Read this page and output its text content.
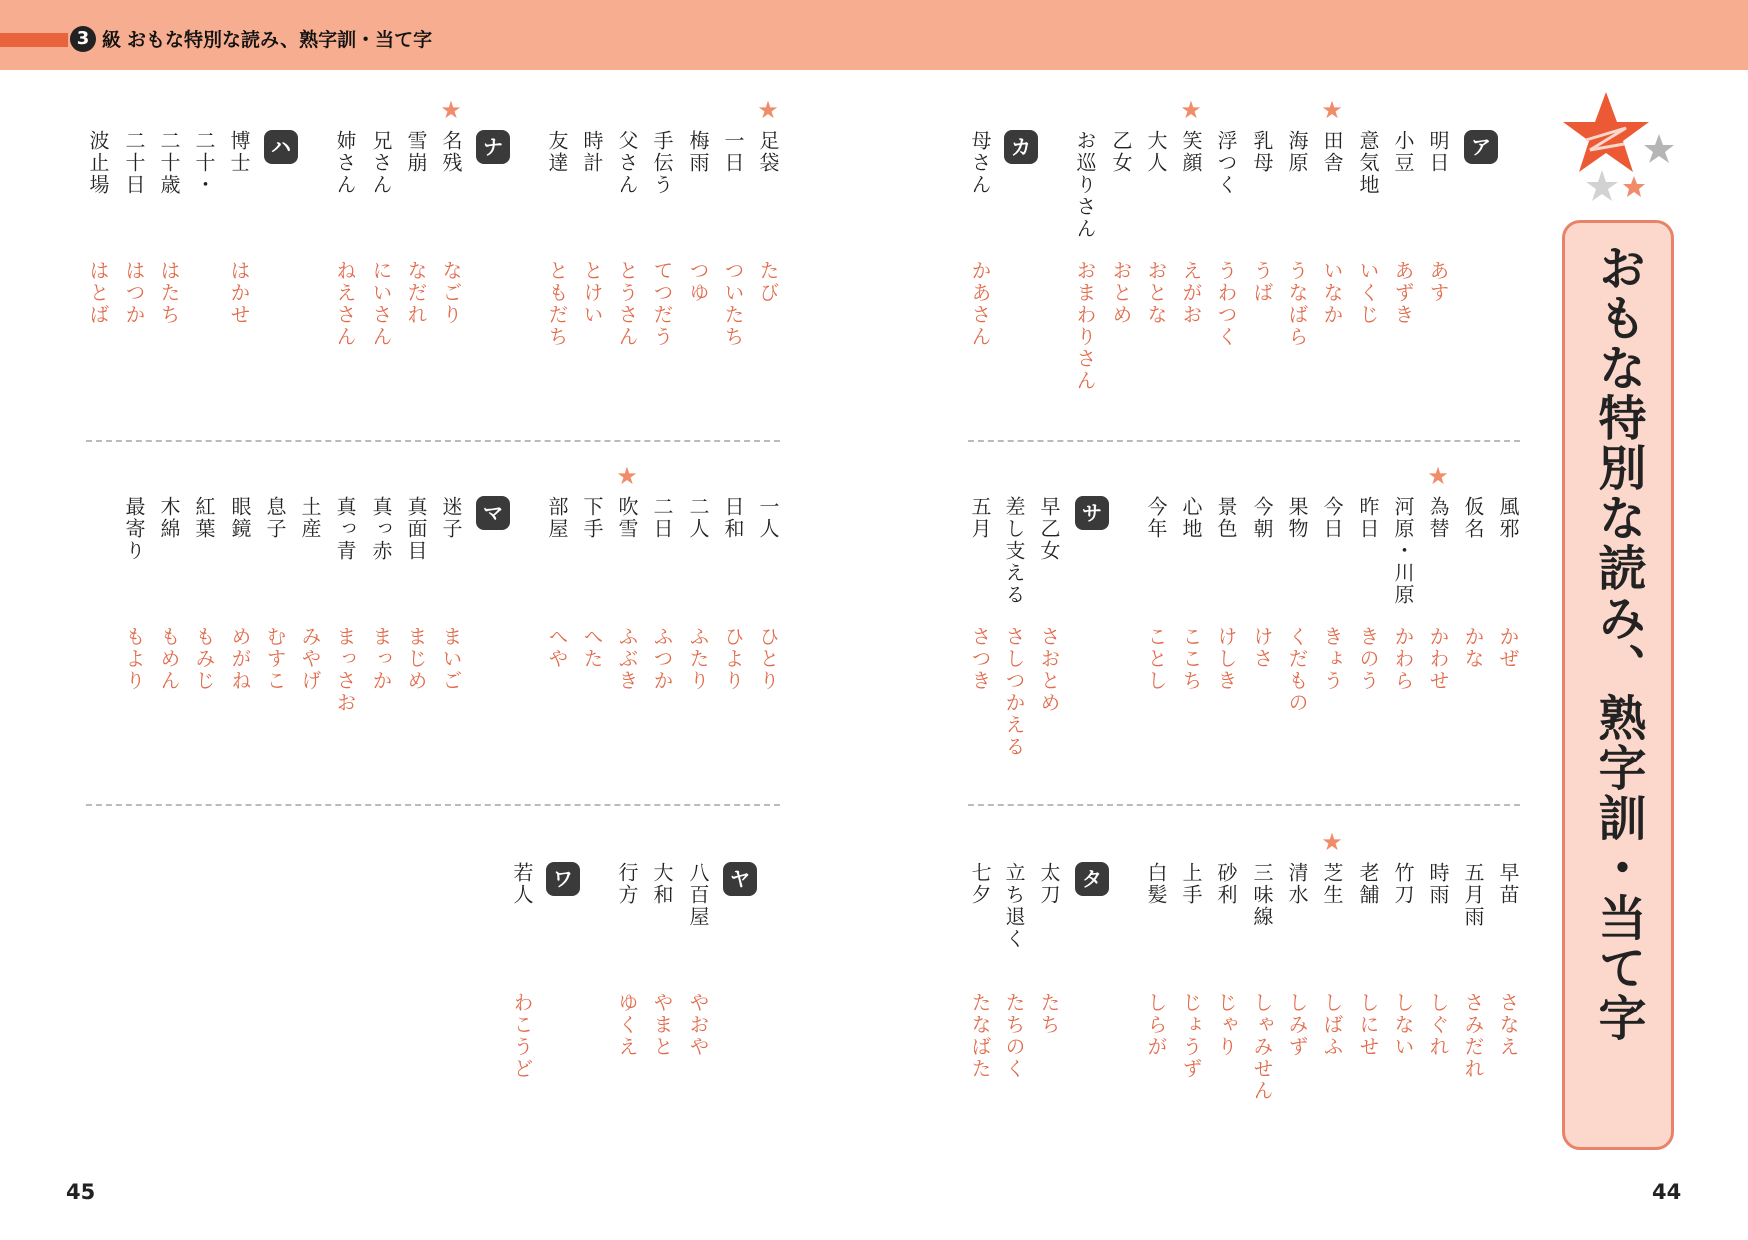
3 級 おもな特別な読み、熟字訓・当て字
おもな特別な読み、熟字訓・当て字
ア
カ
サ
タ
ナ
ハ
マ
ヤ
ワ
★
★
★
★
★
★
★
明日
あす
小豆
あずき
意気地
いくじ
田舎
いなか
海原
うなばら
乳母
うば
浮つく
うわつく
笑顔
えがお
大人
おとな
乙女
おとめ
お巡りさん
おまわりさん
母さん
かあさん
風邪
かぜ
仮名
かな
為替
かわせ
河原・川原
かわら
昨日
きのう
今日
きょう
果物
くだもの
今朝
けさ
景色
けしき
心地
ここち
今年
ことし
早乙女
さおとめ
差し支える
さしつかえる
五月
さつき
早苗
さなえ
五月雨
さみだれ
時雨
しぐれ
竹刀
しない
老舗
しにせ
芝生
しばふ
清水
しみず
三味線
しゃみせん
砂利
じゃり
上手
じょうず
白髪
しらが
太刀
たち
立ち退く
たちのく
七夕
たなばた
足袋
たび
一日
ついたち
梅雨
つゆ
手伝う
てつだう
父さん
とうさん
時計
とけい
友達
ともだち
名残
なごり
雪崩
なだれ
兄さん
にいさん
姉さん
ねえさん
博士
はかせ
二十・
二十歳
はたち
二十日
はつか
波止場
はとば
一人
ひとり
日和
ひより
二人
ふたり
二日
ふつか
吹雪
ふぶき
下手
へた
部屋
へや
迷子
まいご
真面目
まじめ
真っ赤
まっか
真っ青
まっさお
土産
みやげ
息子
むすこ
眼鏡
めがね
紅葉
もみじ
木綿
もめん
最寄り
もより
八百屋
やおや
大和
やまと
行方
ゆくえ
若人
わこうど
45	44
